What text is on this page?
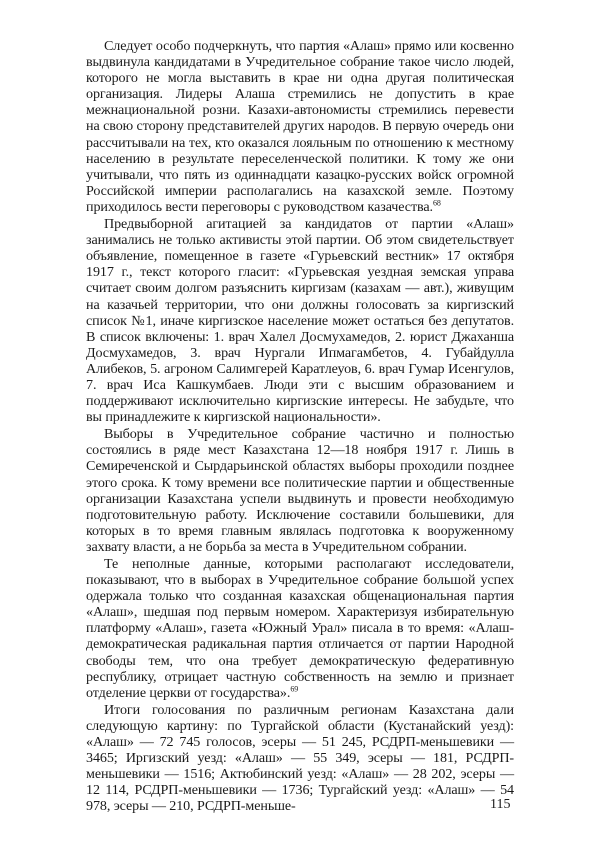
Следует особо подчеркнуть, что партия «Алаш» прямо или косвенно выдвинула кандидатами в Учредительное собрание такое число людей, которого не могла выставить в крае ни одна другая политическая организация. Лидеры Алаша стремились не допустить в крае межнациональной розни. Казахи-автономисты стремились перевести на свою сторону представителей других народов. В первую очередь они рассчитывали на тех, кто оказался лояльным по отношению к местному населению в результате переселенческой политики. К тому же они учитывали, что пять из одиннадцати казацко-русских войск огромной Российской империи располагались на казахской земле. Поэтому приходилось вести переговоры с руководством казачества.$^{68}$

Предвыборной агитацией за кандидатов от партии «Алаш» занимались не только активисты этой партии. Об этом свидетельствует объявление, помещенное в газете «Гурьевский вестник» 17 октября 1917 г., текст которого гласит: «Гурьевская уездная земская управа считает своим долгом разъяснить киргизам (казахам — авт.), живущим на казачьей территории, что они должны голосовать за киргизский список №1, иначе киргизское население может остаться без депутатов. В список включены: 1. врач Халел Досмухамедов, 2. юрист Джаханша Досмухамедов, 3. врач Нургали Ипмагамбетов, 4. Губайдулла Алибеков, 5. агроном Салимгерей Каратлеуов, 6. врач Гумар Исенгулов, 7. врач Иса Кашкумбаев. Люди эти с высшим образованием и поддерживают исключительно киргизские интересы. Не забудьте, что вы принадлежите к киргизской национальности».

Выборы в Учредительное собрание частично и полностью состоялись в ряде мест Казахстана 12—18 ноября 1917 г. Лишь в Семиреченской и Сырдарьинской областях выборы проходили позднее этого срока. К тому времени все политические партии и общественные организации Казахстана успели выдвинуть и провести необходимую подготовительную работу. Исключение составили большевики, для которых в то время главным являлась подготовка к вооруженному захвату власти, а не борьба за места в Учредительном собрании.

Те неполные данные, которыми располагают исследователи, показывают, что в выборах в Учредительное собрание большой успех одержала только что созданная казахская общенациональная партия «Алаш», шедшая под первым номером. Характеризуя избирательную платформу «Алаш», газета «Южный Урал» писала в то время: «Алаш-демократическая радикальная партия отличается от партии Народной свободы тем, что она требует демократическую федеративную республику, отрицает частную собственность на землю и признает отделение церкви от государства».$^{69}$

Итоги голосования по различным регионам Казахстана дали следующую картину: по Тургайской области (Кустанайский уезд): «Алаш» — 72 745 голосов, эсеры — 51 245, РСДРП-меньшевики — 3465; Иргизский уезд: «Алаш» — 55 349, эсеры — 181, РСДРП-меньшевики — 1516; Актюбинский уезд: «Алаш» — 28 202, эсеры — 12 114, РСДРП-меньшевики — 1736; Тургайский уезд: «Алаш» — 54 978, эсеры — 210, РСДРП-меньше-	115
